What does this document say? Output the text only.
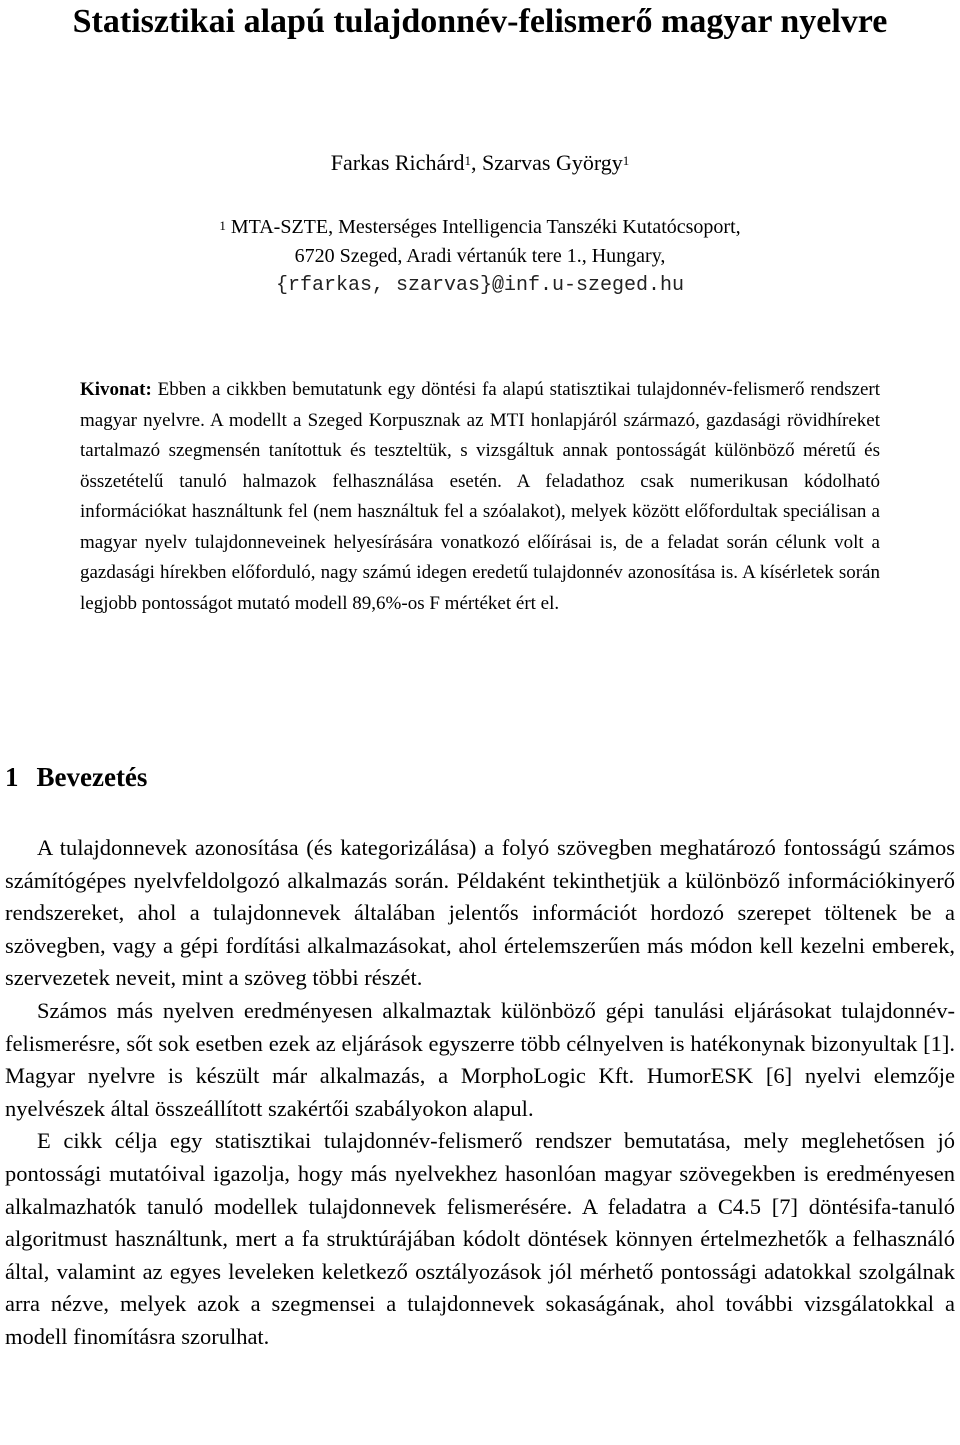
Statisztikai alapú tulajdonnév-felismerő magyar nyelvre
Farkas Richárd$^1$, Szarvas György$^1$
$^1$ MTA-SZTE, Mesterséges Intelligencia Tanszéki Kutatócsoport,
6720 Szeged, Aradi vértanúk tere 1., Hungary,
{rfarkas, szarvas}@inf.u-szeged.hu

Kivonat: Ebben a cikkben bemutatunk egy döntési fa alapú statisztikai tulajdonnév-felismerő rendszert magyar nyelvre. A modellt a Szeged Korpusznak az MTI honlapjáról származó, gazdasági rövidhíreket tartalmazó szegmensén tanítottuk és teszteltük, s vizsgáltuk annak pontosságát különböző méretű és összetételű tanuló halmazok felhasználása esetén. A feladathoz csak numerikusan kódolható információkat használtunk fel (nem használtuk fel a szóalakot), melyek között előfordultak speciálisan a magyar nyelv tulajdonneveinek helyesírására vonatkozó előírásai is, de a feladat során célunk volt a gazdasági hírekben előforduló, nagy számú idegen eredetű tulajdonnév azonosítása is. A kísérletek során legjobb pontosságot mutató modell 89,6%-os F mértéket ért el.

1 Bevezetés

A tulajdonnevek azonosítása (és kategorizálása) a folyó szövegben meghatározó fontosságú számos számítógépes nyelvfeldolgozó alkalmazás során. Példaként tekinthetjük a különböző információkinyerő rendszereket, ahol a tulajdonnevek általában jelentős információt hordozó szerepet töltenek be a szövegben, vagy a gépi fordítási alkalmazásokat, ahol értelemszerűen más módon kell kezelni emberek, szervezetek neveit, mint a szöveg többi részét.

Számos más nyelven eredményesen alkalmaztak különböző gépi tanulási eljárásokat tulajdonnév-felismerésre, sőt sok esetben ezek az eljárások egyszerre több célnyelven is hatékonynak bizonyultak [1]. Magyar nyelvre is készült már alkalmazás, a MorphoLogic Kft. HumorESK [6] nyelvi elemzője nyelvészek által összeállított szakértői szabályokon alapul.

E cikk célja egy statisztikai tulajdonnév-felismerő rendszer bemutatása, mely meglehetősen jó pontossági mutatóival igazolja, hogy más nyelvekhez hasonlóan magyar szövegekben is eredményesen alkalmazhatók tanuló modellek tulajdonnevek felismerésére. A feladatra a C4.5 [7] döntésifa-tanuló algoritmust használtunk, mert a fa struktúrájában kódolt döntések könnyen értelmezhetők a felhasználó által, valamint az egyes leveleken keletkező osztályozások jól mérhető pontossági adatokkal szolgálnak arra nézve, melyek azok a szegmensei a tulajdonnevek sokaságának, ahol további vizsgálatokkal a modell finomításra szorulhat.
